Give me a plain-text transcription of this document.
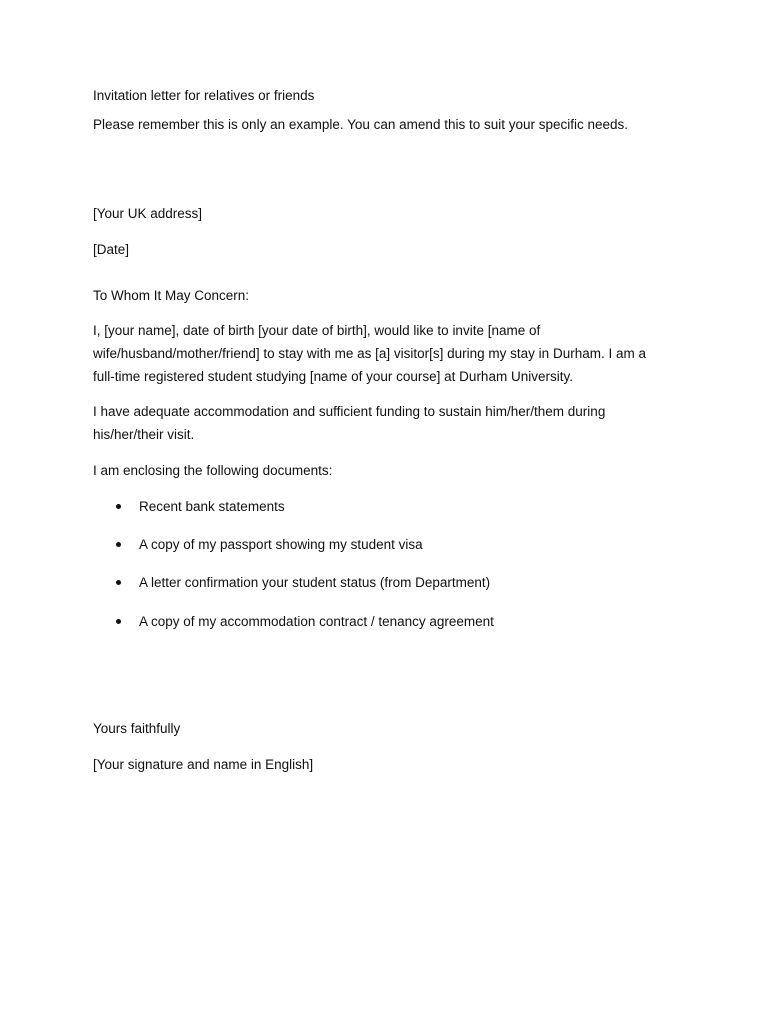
Invitation letter for relatives or friends
Please remember this is only an example. You can amend this to suit your specific needs.
[Your UK address]
[Date]
To Whom It May Concern:
I, [your name], date of birth [your date of birth], would like to invite [name of
wife/husband/mother/friend] to stay with me as [a] visitor[s] during my stay in Durham. I am a
full-time registered student studying [name of your course] at Durham University.
I have adequate accommodation and sufficient funding to sustain him/her/them during
his/her/their visit.
I am enclosing the following documents:
Recent bank statements
A copy of my passport showing my student visa
A letter confirmation your student status (from Department)
A copy of my accommodation contract / tenancy agreement
Yours faithfully
[Your signature and name in English]
